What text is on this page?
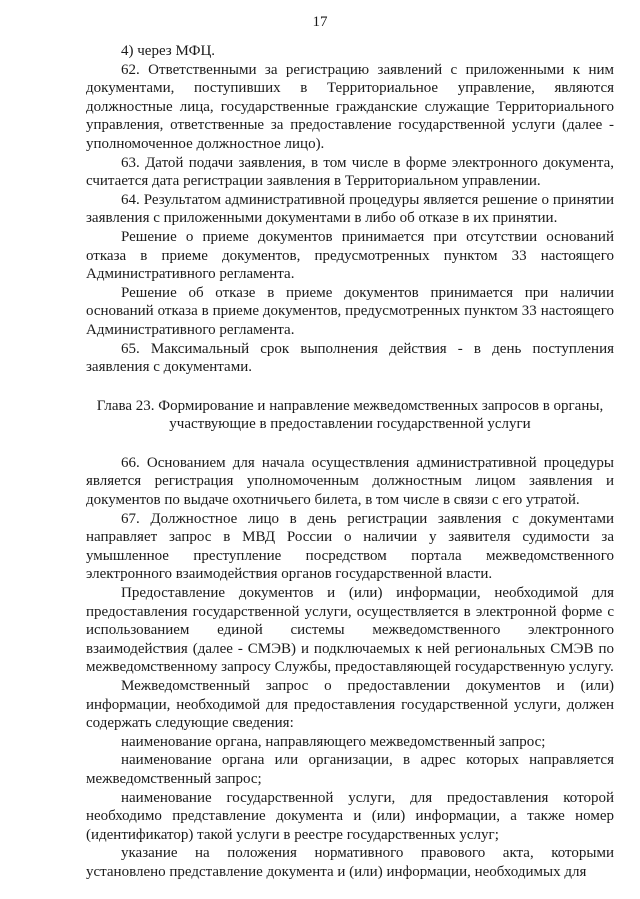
17

4) через МФЦ.

62. Ответственными за регистрацию заявлений с приложенными к ним документами, поступивших в Территориальное управление, являются должностные лица, государственные гражданские служащие Территориального управления, ответственные за предоставление государственной услуги (далее - уполномоченное должностное лицо).

63. Датой подачи заявления, в том числе в форме электронного документа, считается дата регистрации заявления в Территориальном управлении.

64. Результатом административной процедуры является решение о принятии заявления с приложенными документами в либо об отказе в их принятии.

Решение о приеме документов принимается при отсутствии оснований отказа в приеме документов, предусмотренных пунктом 33 настоящего Административного регламента.

Решение об отказе в приеме документов принимается при наличии оснований отказа в приеме документов, предусмотренных пунктом 33 настоящего Административного регламента.

65. Максимальный срок выполнения действия - в день поступления заявления с документами.

Глава 23. Формирование и направление межведомственных запросов в органы,
участвующие в предоставлении государственной услуги

66. Основанием для начала осуществления административной процедуры является регистрация уполномоченным должностным лицом заявления и документов по выдаче охотничьего билета, в том числе в связи с его утратой.

67. Должностное лицо в день регистрации заявления с документами направляет запрос в МВД России о наличии у заявителя судимости за умышленное преступление посредством портала межведомственного электронного взаимодействия органов государственной власти.

Предоставление документов и (или) информации, необходимой для предоставления государственной услуги, осуществляется в электронной форме с использованием единой системы межведомственного электронного взаимодействия (далее - СМЭВ) и подключаемых к ней региональных СМЭВ по межведомственному запросу Службы, предоставляющей государственную услугу.

Межведомственный запрос о предоставлении документов и (или) информации, необходимой для предоставления государственной услуги, должен содержать следующие сведения:

наименование органа, направляющего межведомственный запрос;

наименование органа или организации, в адрес которых направляется межведомственный запрос;

наименование государственной услуги, для предоставления которой необходимо представление документа и (или) информации, а также номер (идентификатор) такой услуги в реестре государственных услуг;

указание на положения нормативного правового акта, которыми установлено представление документа и (или) информации, необходимых для
